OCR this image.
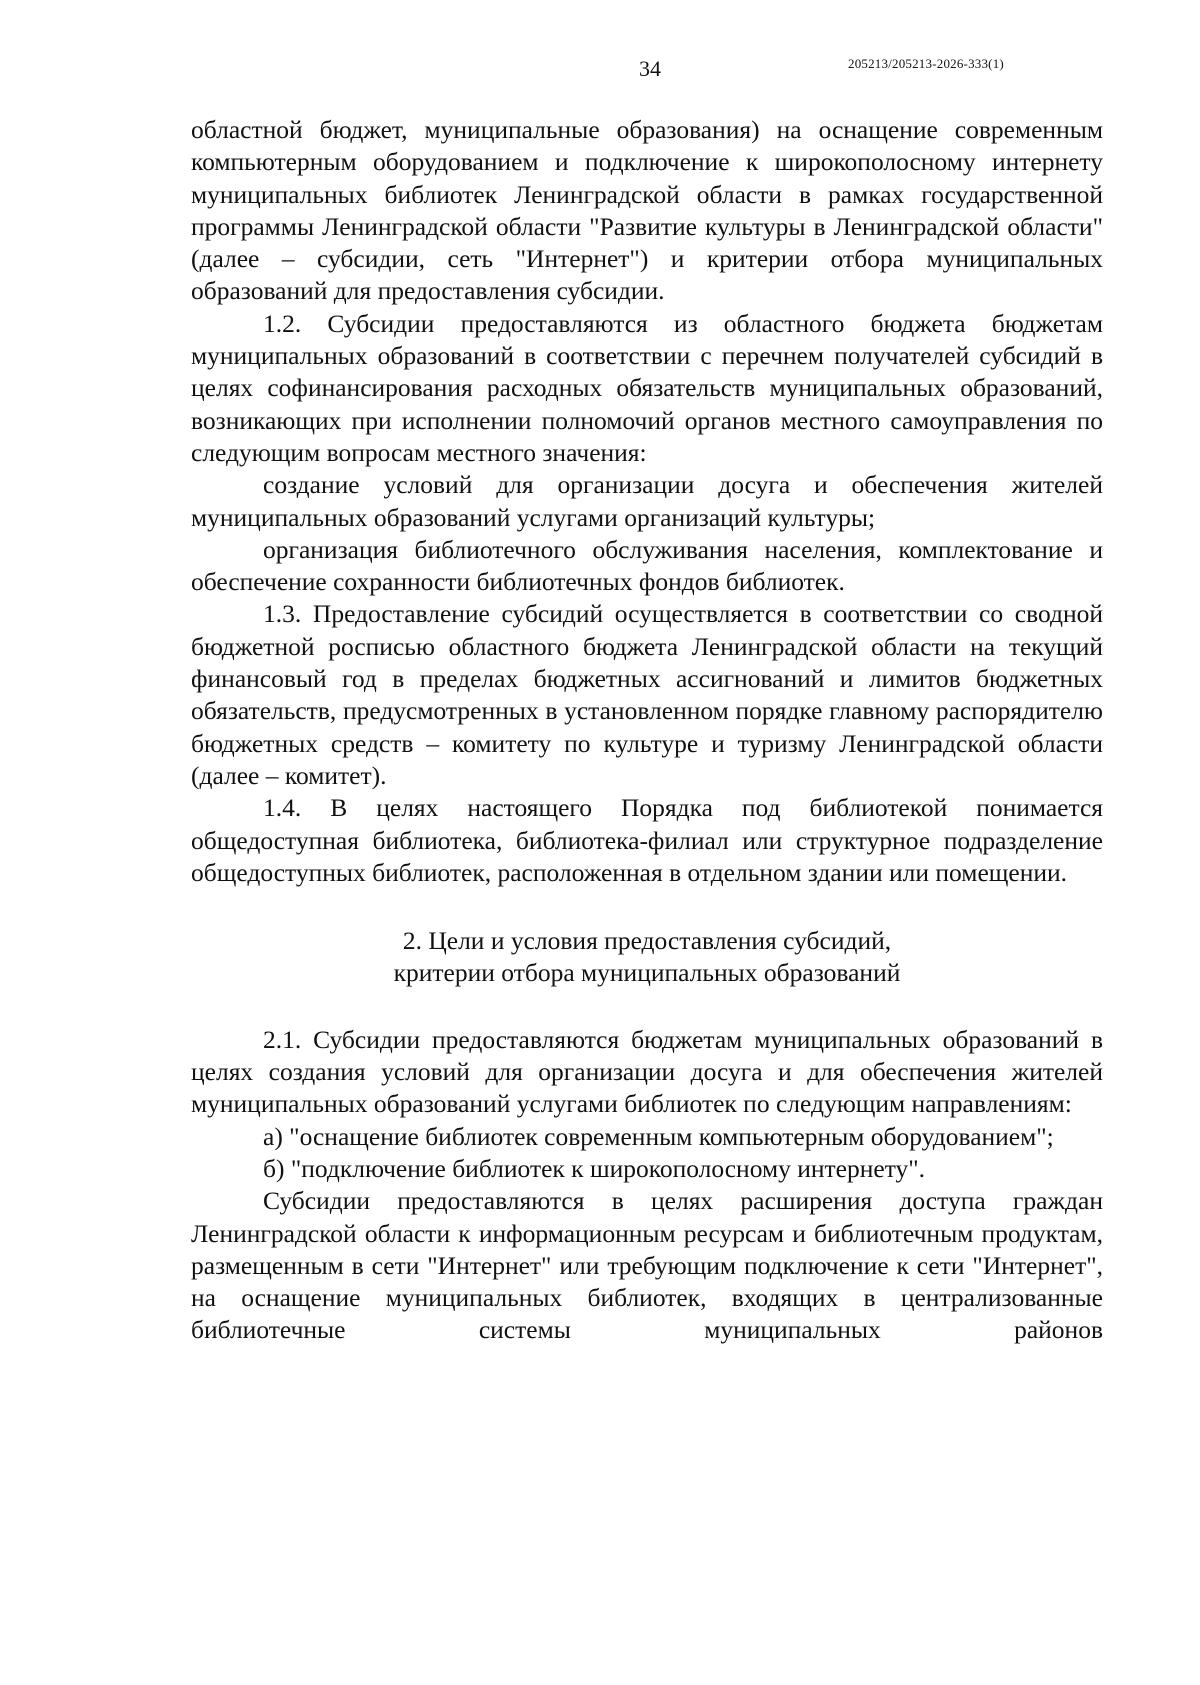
34	205213/205213-2026-333(1)

областной бюджет, муниципальные образования) на оснащение современным компьютерным оборудованием и подключение к широкополосному интернету муниципальных библиотек Ленинградской области в рамках государственной программы Ленинградской области "Развитие культуры в Ленинградской области" (далее – субсидии, сеть "Интернет") и критерии отбора муниципальных образований для предоставления субсидии.

1.2. Субсидии предоставляются из областного бюджета бюджетам муниципальных образований в соответствии с перечнем получателей субсидий в целях софинансирования расходных обязательств муниципальных образований, возникающих при исполнении полномочий органов местного самоуправления по следующим вопросам местного значения:

создание условий для организации досуга и обеспечения жителей муниципальных образований услугами организаций культуры;

организация библиотечного обслуживания населения, комплектование и обеспечение сохранности библиотечных фондов библиотек.

1.3. Предоставление субсидий осуществляется в соответствии со сводной бюджетной росписью областного бюджета Ленинградской области на текущий финансовый год в пределах бюджетных ассигнований и лимитов бюджетных обязательств, предусмотренных в установленном порядке главному распорядителю бюджетных средств – комитету по культуре и туризму Ленинградской области (далее – комитет).

1.4. В целях настоящего Порядка под библиотекой понимается общедоступная библиотека, библиотека-филиал или структурное подразделение общедоступных библиотек, расположенная в отдельном здании или помещении.

2. Цели и условия предоставления субсидий,
критерии отбора муниципальных образований

2.1. Субсидии предоставляются бюджетам муниципальных образований в целях создания условий для организации досуга и для обеспечения жителей муниципальных образований услугами библиотек по следующим направлениям:

а) "оснащение библиотек современным компьютерным оборудованием";

б) "подключение библиотек к широкополосному интернету".

Субсидии предоставляются в целях расширения доступа граждан Ленинградской области к информационным ресурсам и библиотечным продуктам, размещенным в сети "Интернет" или требующим подключение к сети "Интернет", на оснащение муниципальных библиотек, входящих в централизованные библиотечные системы муниципальных районов
